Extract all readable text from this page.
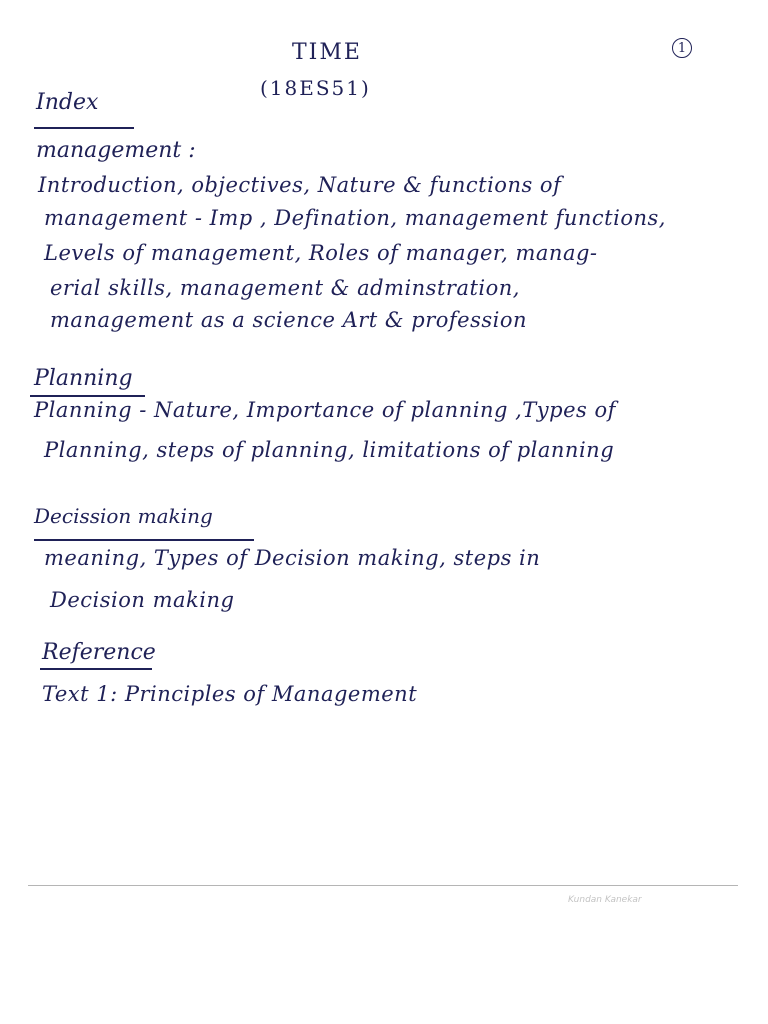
TIME
(18ES51)
1
Index
management :
Introduction, objectives, Nature & functions of
management - Imp , Defination, management functions,
Levels of management, Roles of manager, manag-
erial skills, management & adminstration,
management as a science Art & profession
Planning
Planning - Nature, Importance of planning ,Types of
Planning, steps of planning, limitations of planning
Decission making
meaning, Types of Decision making, steps in
Decision making
Reference
Text 1: Principles of Management
Kundan Kanekar
